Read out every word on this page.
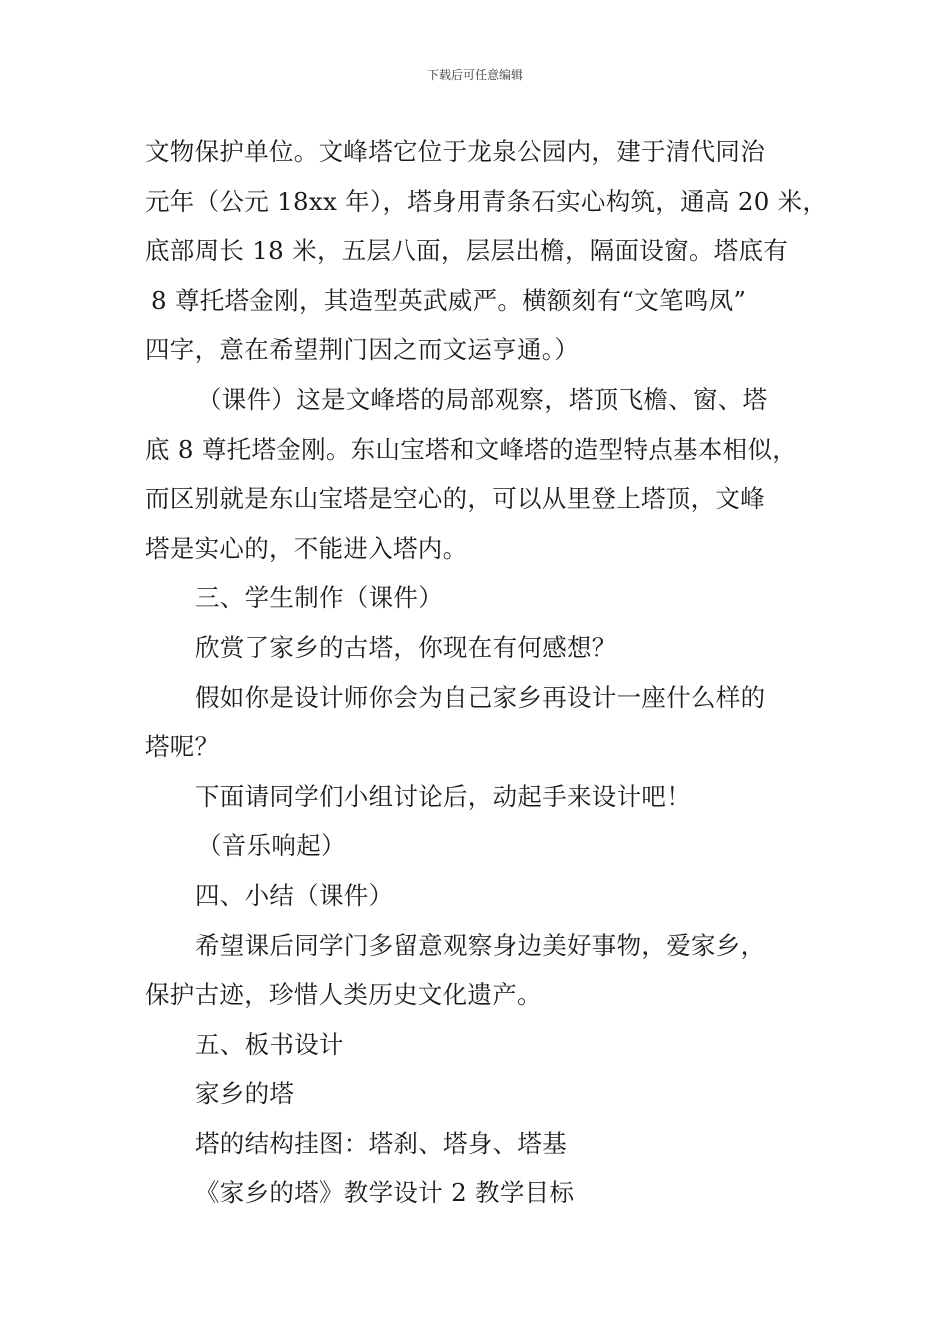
下载后可任意编辑
文物保护单位。文峰塔它位于龙泉公园内，建于清代同治
元年（公元 18xx 年），塔身用青条石实心构筑，通高 20 米，
底部周长 18 米，五层八面，层层出檐，隔面设窗。塔底有
8 尊托塔金刚，其造型英武威严。横额刻有“文笔鸣凤”
四字，意在希望荆门因之而文运亨通。）
（课件）这是文峰塔的局部观察，塔顶飞檐、窗、塔
底 8 尊托塔金刚。东山宝塔和文峰塔的造型特点基本相似，
而区别就是东山宝塔是空心的，可以从里登上塔顶，文峰
塔是实心的，不能进入塔内。
三、学生制作（课件）
欣赏了家乡的古塔，你现在有何感想？
假如你是设计师你会为自己家乡再设计一座什么样的
塔呢？
下面请同学们小组讨论后，动起手来设计吧！
（音乐响起）
四、小结（课件）
希望课后同学门多留意观察身边美好事物，爱家乡，
保护古迹，珍惜人类历史文化遗产。
五、板书设计
家乡的塔
塔的结构挂图：塔刹、塔身、塔基
《家乡的塔》教学设计 2 教学目标
